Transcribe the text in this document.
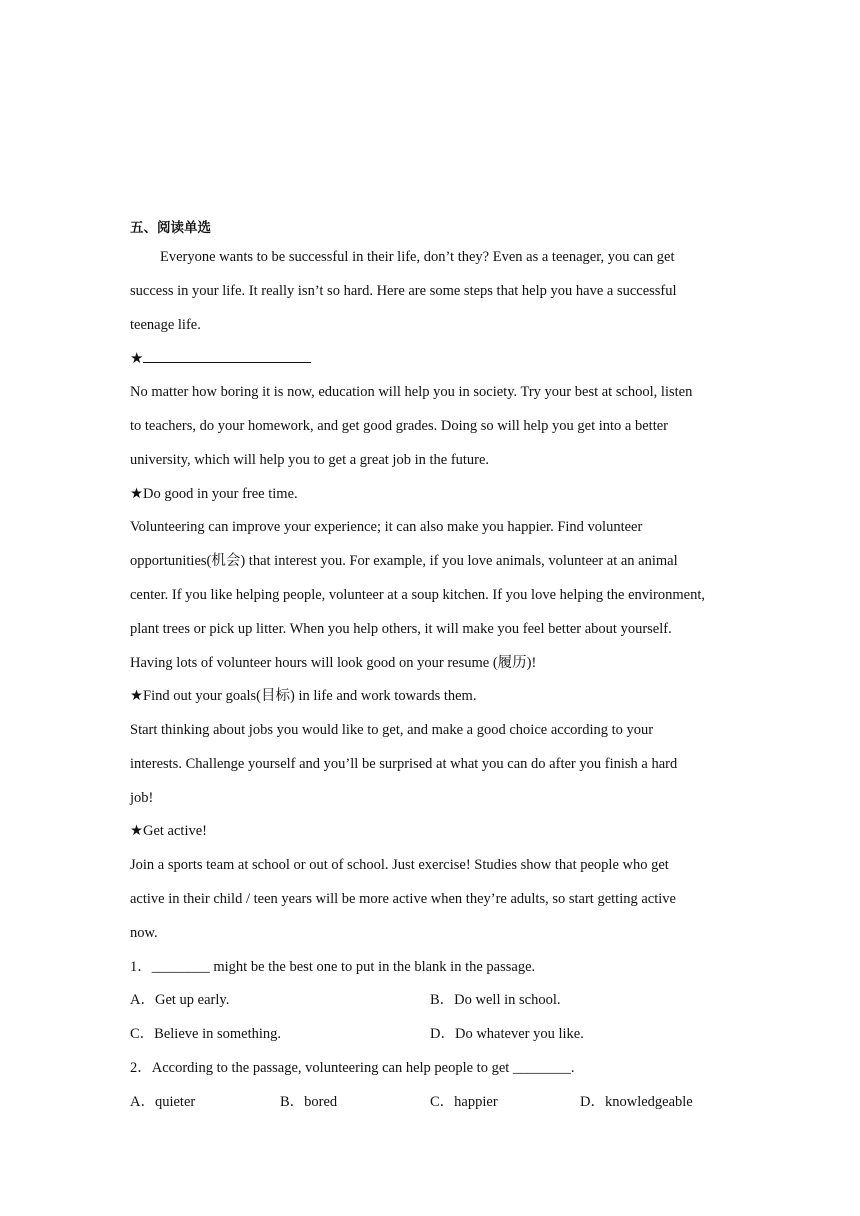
五、阅读单选
Everyone wants to be successful in their life, don’t they? Even as a teenager, you can get
success in your life. It really isn’t so hard. Here are some steps that help you have a successful
teenage life.
★
No matter how boring it is now, education will help you in society. Try your best at school, listen
to teachers, do your homework, and get good grades. Doing so will help you get into a better
university, which will help you to get a great job in the future.
★Do good in your free time.
Volunteering can improve your experience; it can also make you happier. Find volunteer
opportunities(机会) that interest you. For example, if you love animals, volunteer at an animal
center. If you like helping people, volunteer at a soup kitchen. If you love helping the environment,
plant trees or pick up litter. When you help others, it will make you feel better about yourself.
Having lots of volunteer hours will look good on your resume (履历)!
★Find out your goals(目标) in life and work towards them.
Start thinking about jobs you would like to get, and make a good choice according to your
interests. Challenge yourself and you’ll be surprised at what you can do after you finish a hard
job!
★Get active!
Join a sports team at school or out of school. Just exercise! Studies show that people who get
active in their child / teen years will be more active when they’re adults, so start getting active
now.
1．________ might be the best one to put in the blank in the passage.
A．Get up early.	B．Do well in school.
C．Believe in something.	D．Do whatever you like.
2．According to the passage, volunteering can help people to get ________.
A．quieter	B．bored	C．happier	D．knowledgeable
